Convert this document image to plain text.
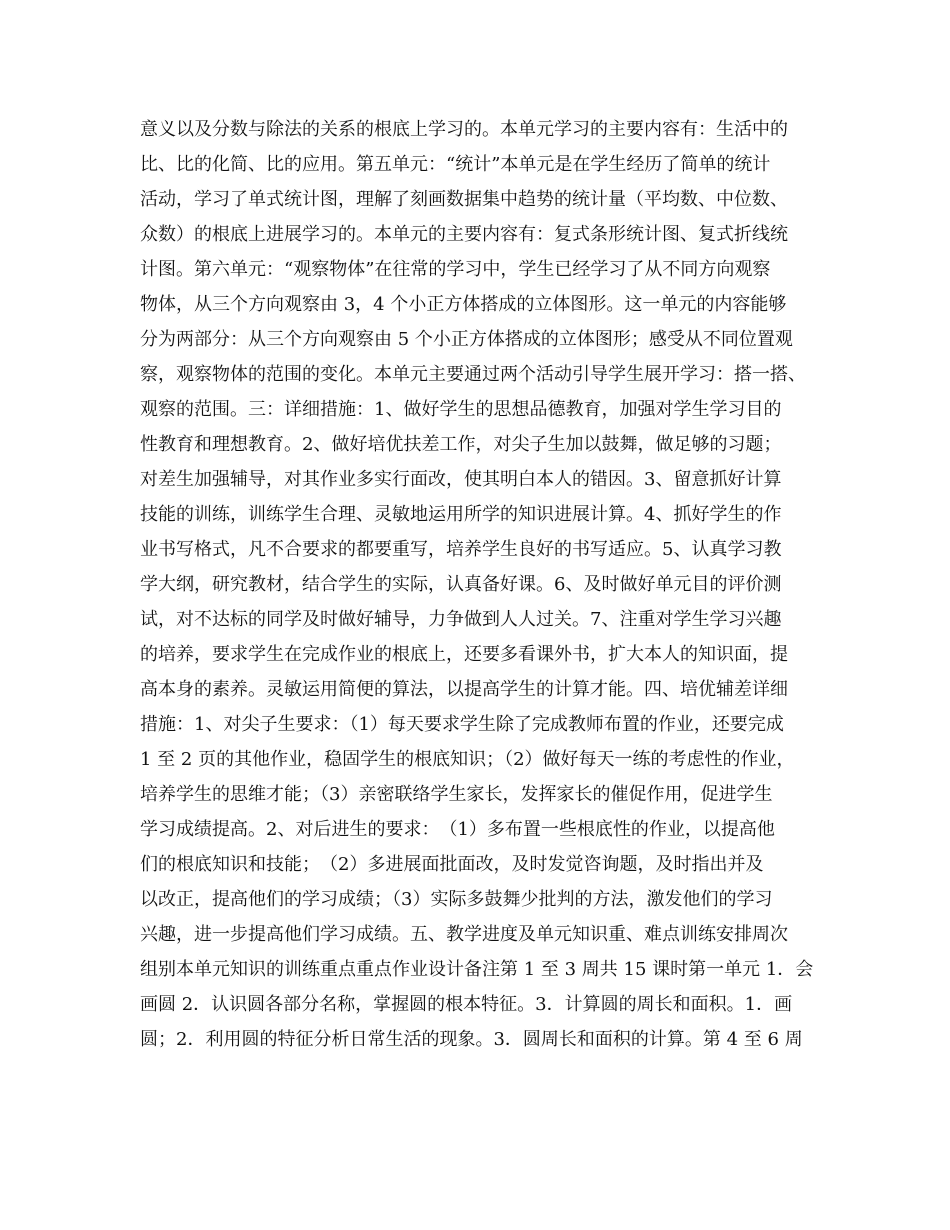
意义以及分数与除法的关系的根底上学习的。本单元学习的主要内容有：生活中的
比、比的化简、比的应用。第五单元：“统计”本单元是在学生经历了简单的统计
活动，学习了单式统计图，理解了刻画数据集中趋势的统计量（平均数、中位数、
众数）的根底上进展学习的。本单元的主要内容有：复式条形统计图、复式折线统
计图。第六单元：“观察物体”在往常的学习中，学生已经学习了从不同方向观察
物体，从三个方向观察由 3，4 个小正方体搭成的立体图形。这一单元的内容能够
分为两部分：从三个方向观察由 5 个小正方体搭成的立体图形；感受从不同位置观
察，观察物体的范围的变化。本单元主要通过两个活动引导学生展开学习：搭一搭、
观察的范围。三：详细措施：1、做好学生的思想品德教育，加强对学生学习目的
性教育和理想教育。2、做好培优扶差工作，对尖子生加以鼓舞，做足够的习题；
对差生加强辅导，对其作业多实行面改，使其明白本人的错因。3、留意抓好计算
技能的训练，训练学生合理、灵敏地运用所学的知识进展计算。4、抓好学生的作
业书写格式，凡不合要求的都要重写，培养学生良好的书写适应。5、认真学习教
学大纲，研究教材，结合学生的实际，认真备好课。6、及时做好单元目的评价测
试，对不达标的同学及时做好辅导，力争做到人人过关。7、注重对学生学习兴趣
的培养，要求学生在完成作业的根底上，还要多看课外书，扩大本人的知识面，提
高本身的素养。灵敏运用简便的算法，以提高学生的计算才能。四、培优辅差详细
措施：1、对尖子生要求：（1）每天要求学生除了完成教师布置的作业，还要完成
1 至 2 页的其他作业，稳固学生的根底知识；（2）做好每天一练的考虑性的作业，
培养学生的思维才能；（3）亲密联络学生家长，发挥家长的催促作用，促进学生
学习成绩提高。2、对后进生的要求：　（1）多布置一些根底性的作业，以提高他
们的根底知识和技能；　（2）多进展面批面改，及时发觉咨询题，及时指出并及
以改正，提高他们的学习成绩；（3）实际多鼓舞少批判的方法，激发他们的学习
兴趣，进一步提高他们学习成绩。五、教学进度及单元知识重、难点训练安排周次
组别本单元知识的训练重点重点作业设计备注第 1 至 3 周共 15 课时第一单元 1．会
画圆 2．认识圆各部分名称，掌握圆的根本特征。3．计算圆的周长和面积。1．画
圆；2．利用圆的特征分析日常生活的现象。3．圆周长和面积的计算。第 4 至 6 周
